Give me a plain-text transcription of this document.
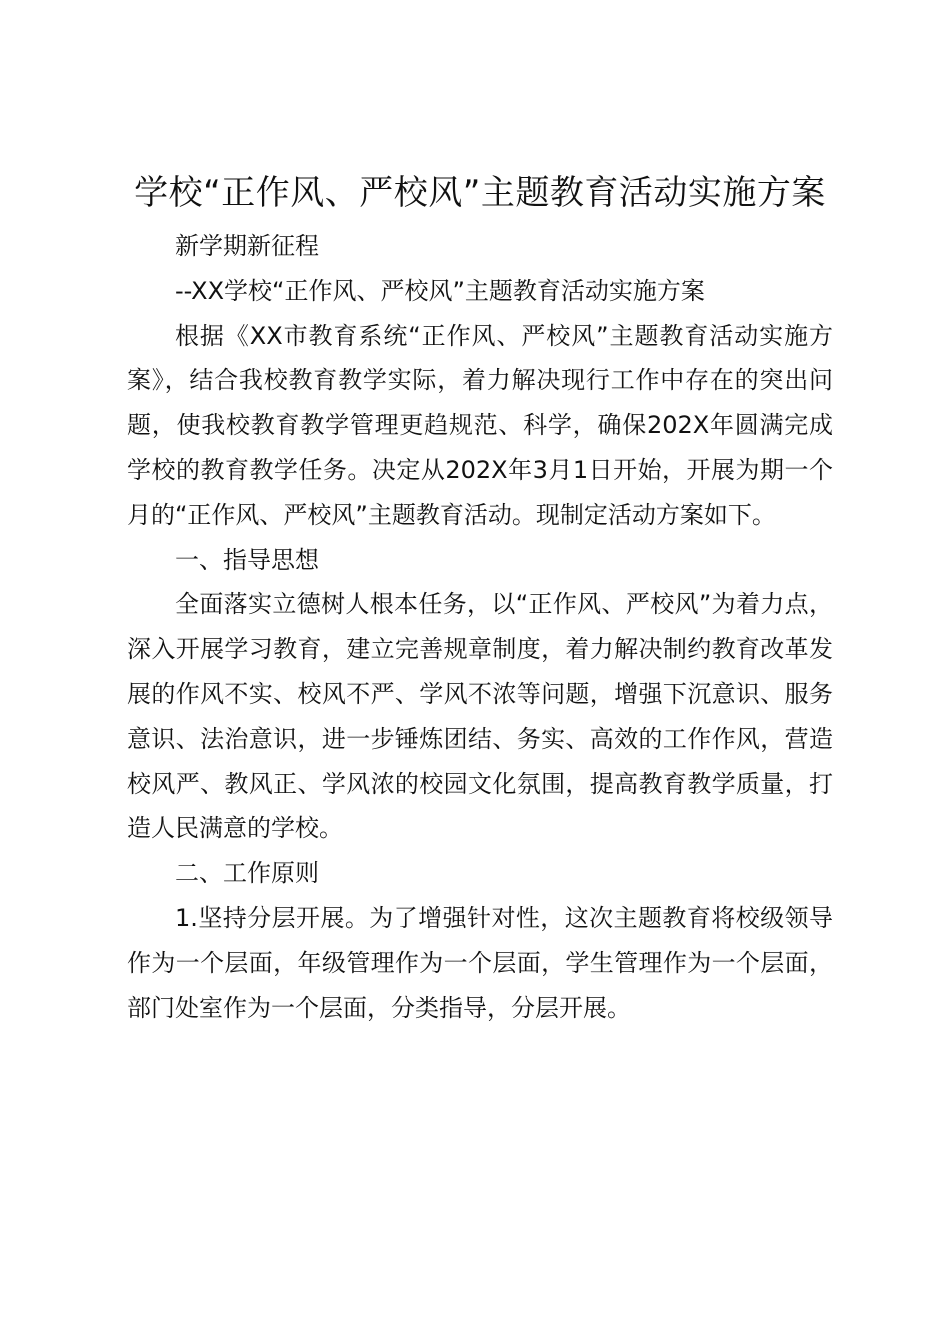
学校“正作风、严校风”主题教育活动实施方案

新学期新征程

--XX学校“正作风、严校风”主题教育活动实施方案

根据《XX市教育系统“正作风、严校风”主题教育活动实施方案》，结合我校教育教学实际，着力解决现行工作中存在的突出问题，使我校教育教学管理更趋规范、科学，确保202X年圆满完成学校的教育教学任务。决定从202X年3月1日开始，开展为期一个月的“正作风、严校风”主题教育活动。现制定活动方案如下。

一、指导思想

全面落实立德树人根本任务，以“正作风、严校风”为着力点，深入开展学习教育，建立完善规章制度，着力解决制约教育改革发展的作风不实、校风不严、学风不浓等问题，增强下沉意识、服务意识、法治意识，进一步锤炼团结、务实、高效的工作作风，营造校风严、教风正、学风浓的校园文化氛围，提高教育教学质量，打造人民满意的学校。

二、工作原则

1.坚持分层开展。为了增强针对性，这次主题教育将校级领导作为一个层面，年级管理作为一个层面，学生管理作为一个层面，部门处室作为一个层面，分类指导，分层开展。
